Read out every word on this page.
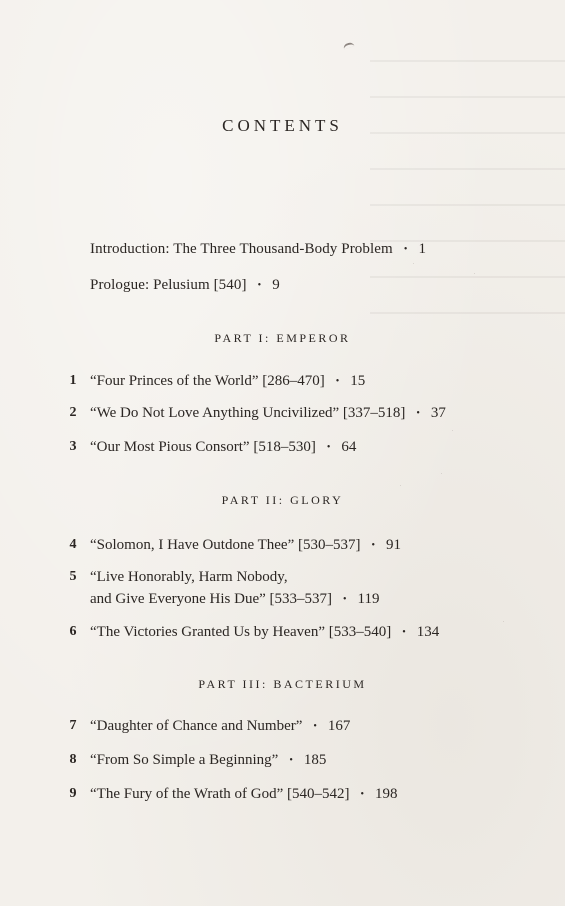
CONTENTS
Introduction: The Three Thousand-Body Problem • 1
Prologue: Pelusium [540] • 9
PART I: EMPEROR
1 “Four Princes of the World” [286–470] • 15
2 “We Do Not Love Anything Uncivilized” [337–518] • 37
3 “Our Most Pious Consort” [518–530] • 64
PART II: GLORY
4 “Solomon, I Have Outdone Thee” [530–537] • 91
5 “Live Honorably, Harm Nobody,
and Give Everyone His Due” [533–537] • 119
6 “The Victories Granted Us by Heaven” [533–540] • 134
PART III: BACTERIUM
7 “Daughter of Chance and Number” • 167
8 “From So Simple a Beginning” • 185
9 “The Fury of the Wrath of God” [540–542] • 198
